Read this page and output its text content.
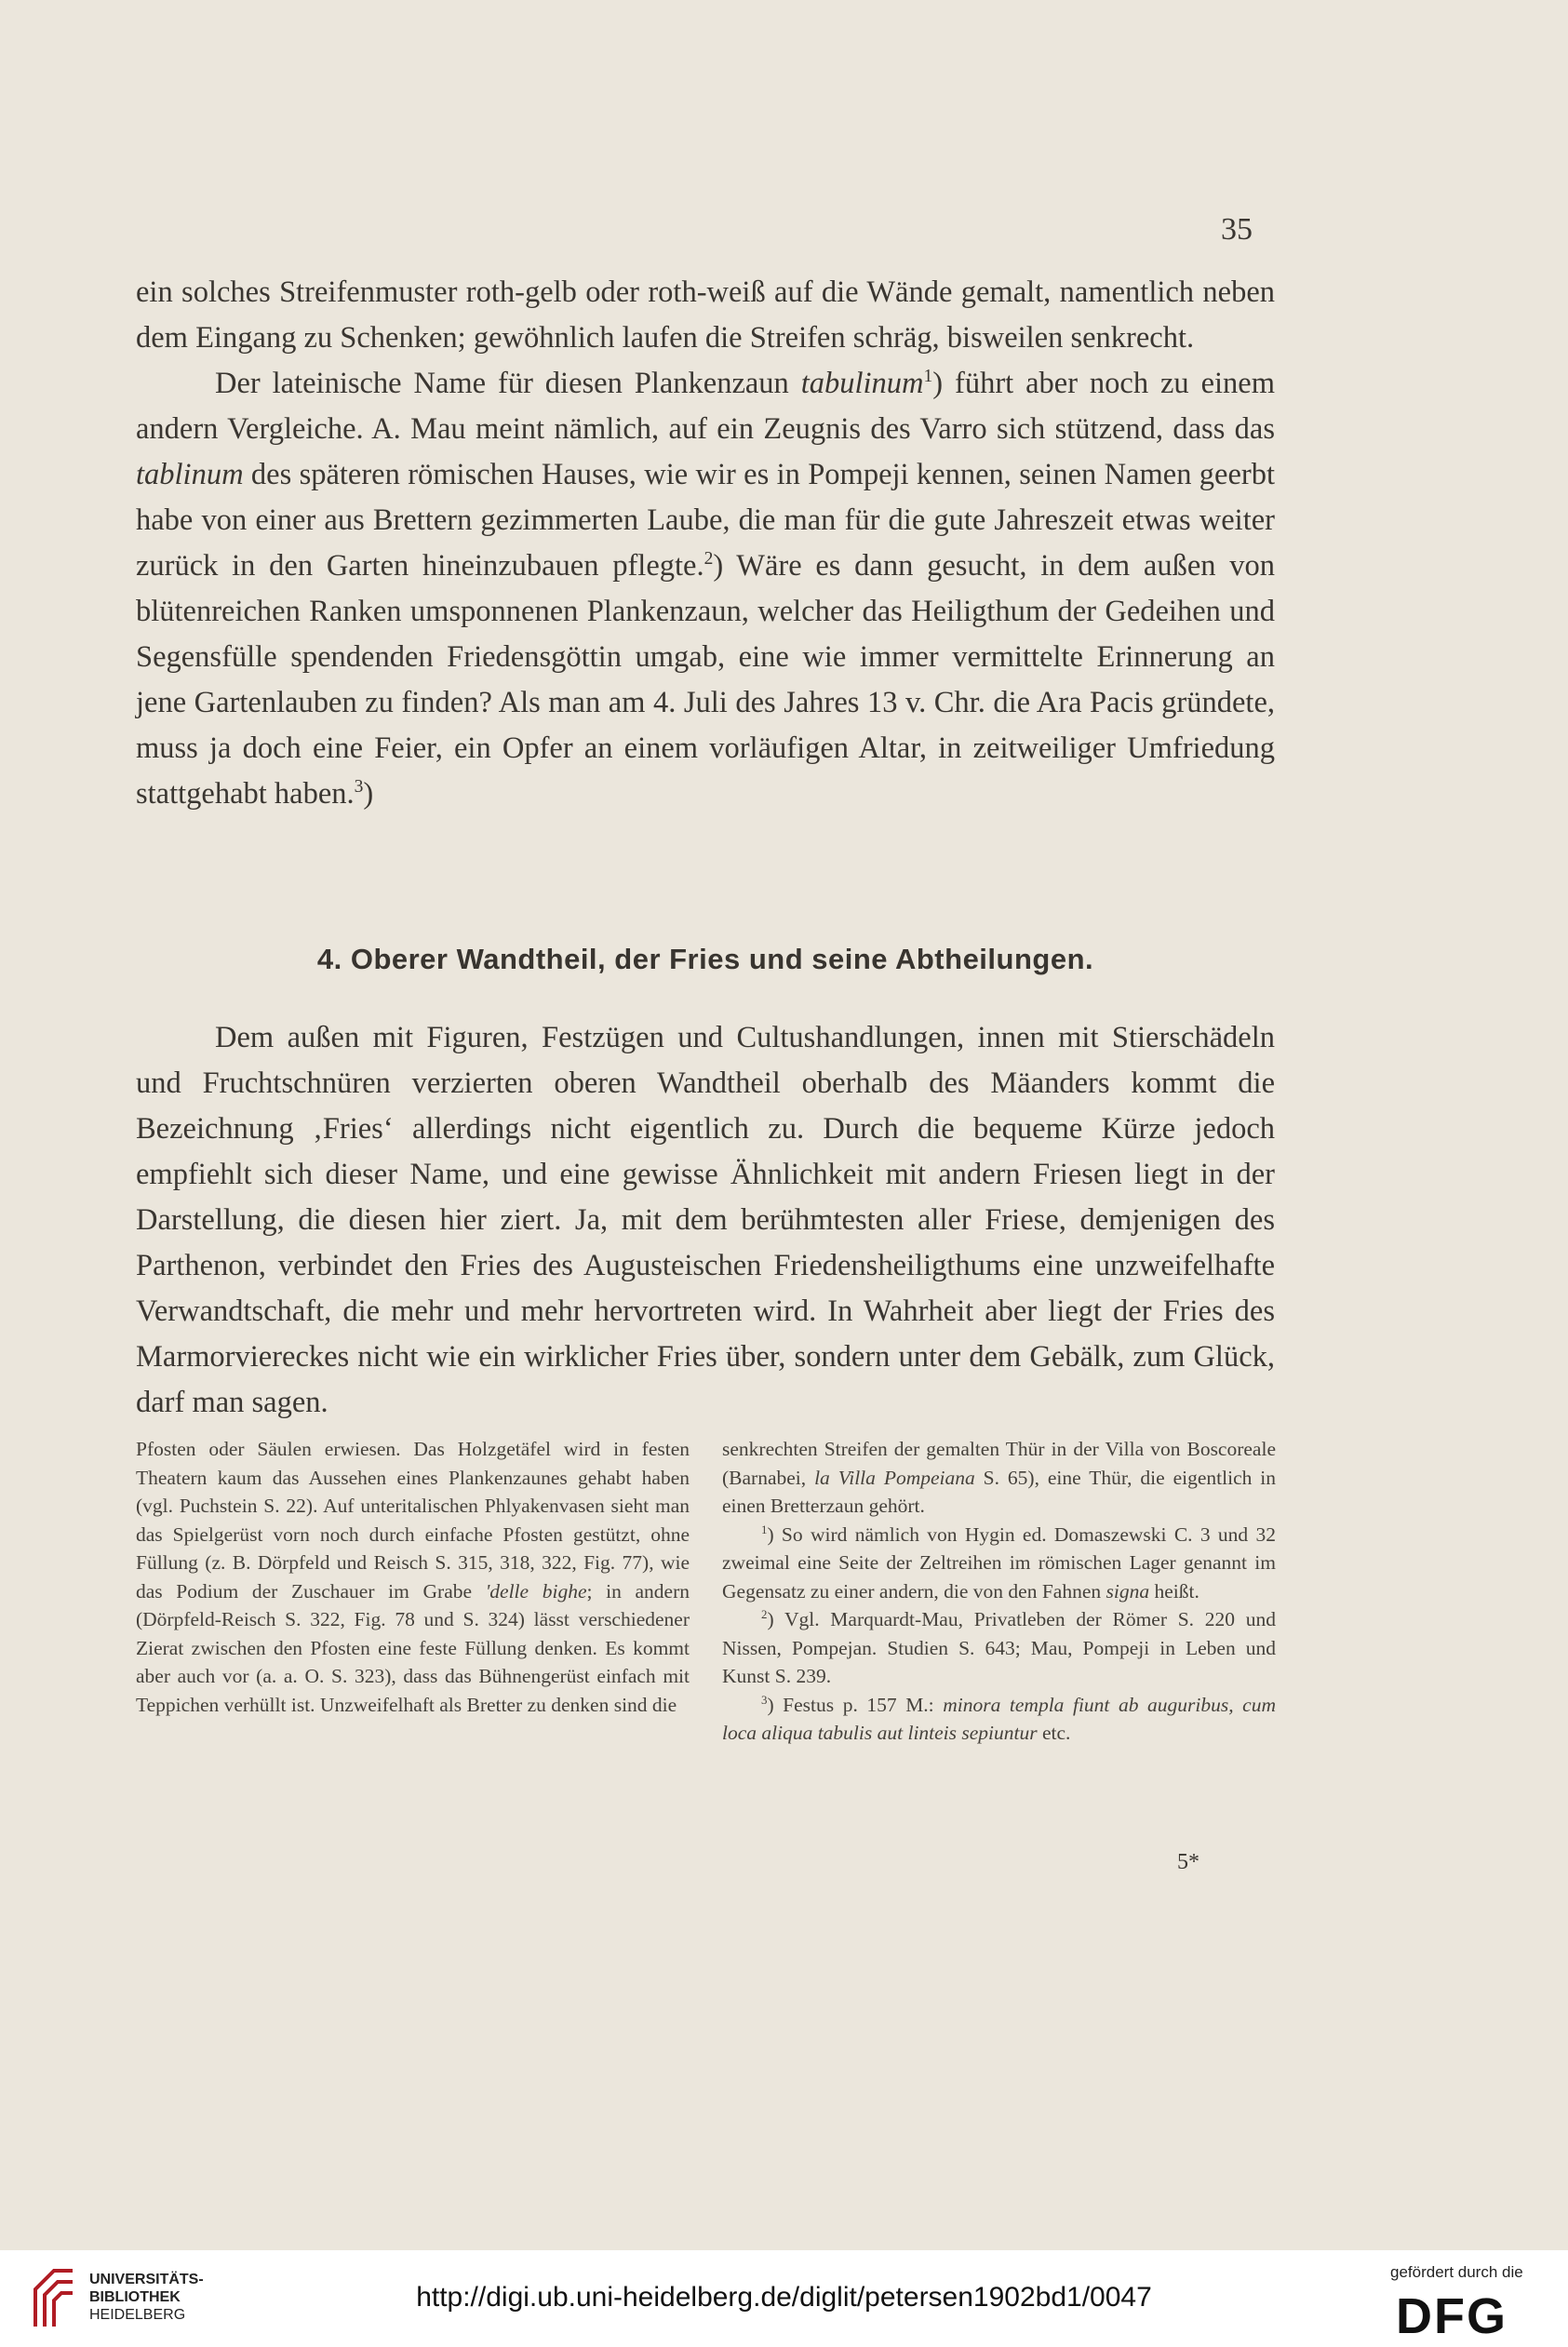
35

ein solches Streifenmuster roth-gelb oder roth-weiß auf die Wände gemalt, namentlich neben dem Eingang zu Schenken; gewöhnlich laufen die Streifen schräg, bisweilen senkrecht.

Der lateinische Name für diesen Plankenzaun tabulinum$^1$) führt aber noch zu einem andern Vergleiche. A. Mau meint nämlich, auf ein Zeugnis des Varro sich stützend, dass das tablinum des späteren römischen Hauses, wie wir es in Pompeji kennen, seinen Namen geerbt habe von einer aus Brettern gezimmerten Laube, die man für die gute Jahreszeit etwas weiter zurück in den Garten hineinzubauen pflegte.$^2$) Wäre es dann gesucht, in dem außen von blütenreichen Ranken umsponnenen Plankenzaun, welcher das Heiligthum der Gedeihen und Segensfülle spendenden Friedensgöttin umgab, eine wie immer vermittelte Erinnerung an jene Gartenlauben zu finden? Als man am 4. Juli des Jahres 13 v. Chr. die Ara Pacis gründete, muss ja doch eine Feier, ein Opfer an einem vorläufigen Altar, in zeitweiliger Umfriedung stattgehabt haben.$^3$)

4. Oberer Wandtheil, der Fries und seine Abtheilungen.

Dem außen mit Figuren, Festzügen und Cultushandlungen, innen mit Stierschädeln und Fruchtschnüren verzierten oberen Wandtheil oberhalb des Mäanders kommt die Bezeichnung ‚Fries‘ allerdings nicht eigentlich zu. Durch die bequeme Kürze jedoch empfiehlt sich dieser Name, und eine gewisse Ähnlichkeit mit andern Friesen liegt in der Darstellung, die diesen hier ziert. Ja, mit dem berühmtesten aller Friese, demjenigen des Parthenon, verbindet den Fries des Augusteischen Friedensheiligthums eine unzweifelhafte Verwandtschaft, die mehr und mehr hervortreten wird. In Wahrheit aber liegt der Fries des Marmorviereckes nicht wie ein wirklicher Fries über, sondern unter dem Gebälk, zum Glück, darf man sagen.

Pfosten oder Säulen erwiesen. Das Holzgetäfel wird in festen Theatern kaum das Aussehen eines Plankenzaunes gehabt haben (vgl. Puchstein S. 22). Auf unteritalischen Phlyakenvasen sieht man das Spielgerüst vorn noch durch einfache Pfosten gestützt, ohne Füllung (z. B. Dörpfeld und Reisch S. 315, 318, 322, Fig. 77), wie das Podium der Zuschauer im Grabe 'delle bighe; in andern (Dörpfeld-Reisch S. 322, Fig. 78 und S. 324) lässt verschiedener Zierat zwischen den Pfosten eine feste Füllung denken. Es kommt aber auch vor (a. a. O. S. 323), dass das Bühnengerüst einfach mit Teppichen verhüllt ist. Unzweifelhaft als Bretter zu denken sind die

senkrechten Streifen der gemalten Thür in der Villa von Boscoreale (Barnabei, la Villa Pompeiana S. 65), eine Thür, die eigentlich in einen Bretterzaun gehört.

$^1$) So wird nämlich von Hygin ed. Domaszewski C. 3 und 32 zweimal eine Seite der Zeltreihen im römischen Lager genannt im Gegensatz zu einer andern, die von den Fahnen signa heißt.

$^2$) Vgl. Marquardt-Mau, Privatleben der Römer S. 220 und Nissen, Pompejan. Studien S. 643; Mau, Pompeji in Leben und Kunst S. 239.

$^3$) Festus p. 157 M.: minora templa fiunt ab auguribus, cum loca aliqua tabulis aut linteis sepiuntur etc.

5*
UNIVERSITÄTS-
BIBLIOTHEK
HEIDELBERG
http://digi.ub.uni-heidelberg.de/diglit/petersen1902bd1/0047
gefördert durch die
DFG
